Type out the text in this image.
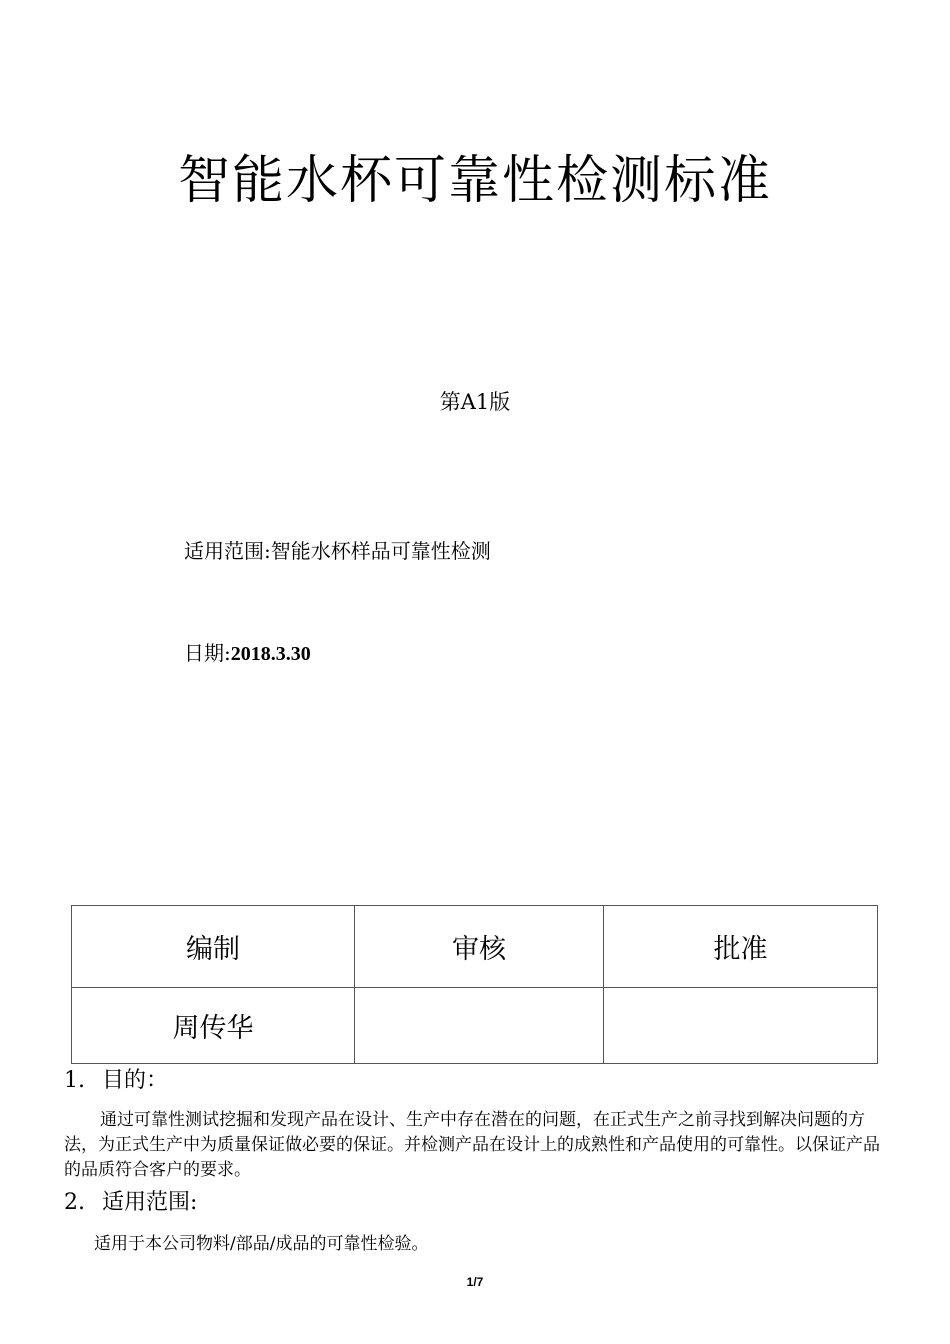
智能水杯可靠性检测标准
第A1版
适用范围:智能水杯样品可靠性检测
日期:2018.3.30
编制	审核	批准
周传华		
1. 目的：

通过可靠性测试挖掘和发现产品在设计、生产中存在潜在的问题，在正式生产之前寻找到解决问题的方法，为正式生产中为质量保证做必要的保证。并检测产品在设计上的成熟性和产品使用的可靠性。以保证产品的品质符合客户的要求。

2. 适用范围:
适用于本公司物料/部品/成品的可靠性检验。
1/7
